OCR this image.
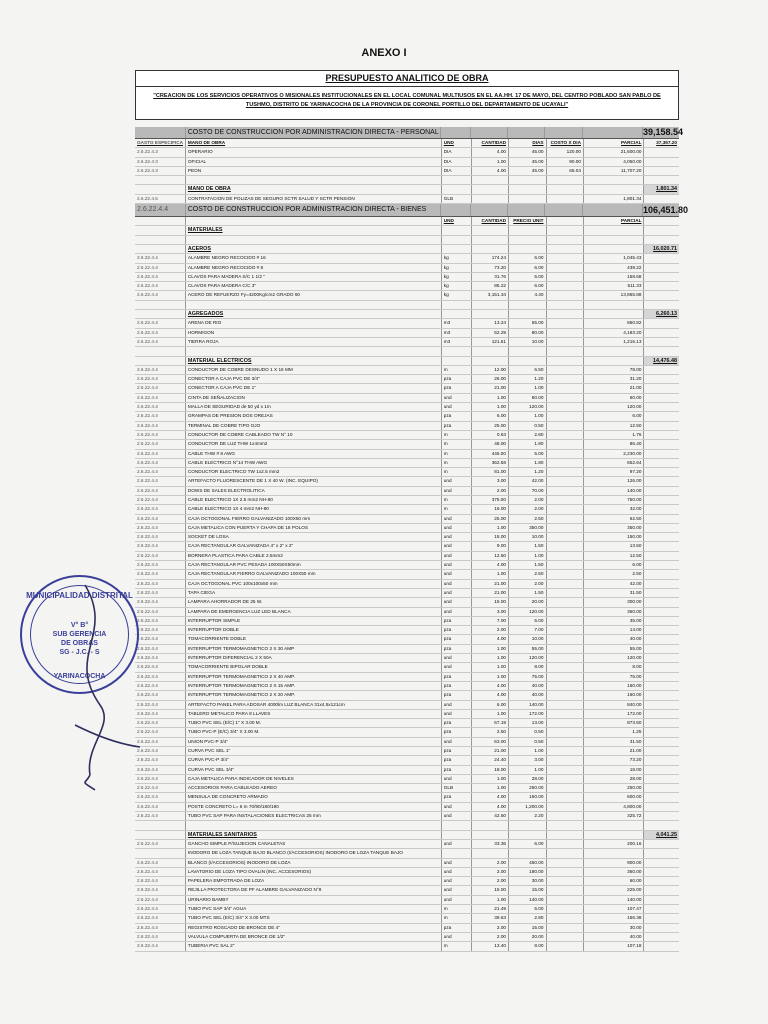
ANEXO I
PRESUPUESTO ANALITICO DE OBRA
"CREACION DE LOS SERVICIOS OPERATIVOS O MISIONALES INSTITUCIONALES EN EL LOCAL COMUNAL MULTIUSOS EN EL AA.HH. 17 DE MAYO, DEL CENTRO POBLADO SAN PABLO DE TUSHMO, DISTRITO DE YARINACOCHA DE LA PROVINCIA DE CORONEL PORTILLO DEL DEPARTAMENTO DE UCAYALI"
COSTO DE CONSTRUCCION POR ADMINISTRACION DIRECTA - PERSONAL	39,158.54
GASTO ESPECIFICA	MANO DE OBRA	UND	CANTIDAD	DIAS	COSTO X DIA	PARCIAL	37,357.20
2.6.22.4.3	OPERARIO	DIA	4.00	45.00	120.00	21,600.00
2.6.22.4.3	OFICIAL	DIA	1.00	45.00	90.00	4,050.00
2.6.22.4.3	PEON	DIA	4.00	45.00	65.04	11,707.20
MANO DE OBRA	1,801.34
2.6.22.4.5	CONTRATACION DE POLIZAS DE SEGURO SCTR SALUD Y SCTR PENSION	GLB	1,801.34
2.6.22.4.4	COSTO DE CONSTRUCCION POR ADMINISTRACION DIRECTA - BIENES	106,451.80
UND	CANTIDAD	PRECIO UNIT	PARCIAL
MATERIALES
ACEROS	16,020.71
2.6.22.4.4	ALAMBRE NEGRO RECOCIDO # 16	kg	174.24	6.00	1,045.43
2.6.22.4.4	ALAMBRE NEGRO RECOCIDO # 8	kg	73.20	6.00	439.22
2.6.22.4.4	CLAVOS PARA MADERA S/C 1 1/2 "	kg	31.76	5.00	158.68
2.6.22.4.4	CLAVOS PARA MADERA C/C 3"	kg	85.22	6.00	511.33
2.6.22.4.4	ACERO DE REFUERZO Fy=4200Kg/cm2 GRADO 60	kg	3,151.34	4.40	13,865.88
AGREGADOS	6,260.13
2.6.22.4.4	ARENA DE RIO	m3	13.24	65.00	860.82
2.6.22.4.4	HORMIGON	m3	52.29	80.00	4,183.20
2.6.22.4.4	TIERRA ROJA	m3	121.61	10.00	1,216.13
MATERIAL ELECTRICOS	14,476.48
2.6.22.4.4	CONDUCTOR DE COBRE DESNUDO 1 X 16 MM	m	12.00	6.50	78.00
2.6.22.4.4	CONECTOR A CAJA PVC DE 3/4"	pza	26.00	1.20	31.20
2.6.22.4.4	CONECTOR A CAJA PVC DE 1"	pza	21.00	1.00	21.00
2.6.22.4.4	CINTA DE SEÑALIZACION	und	1.00	60.00	60.00
2.6.22.4.4	MALLA DE SEGURIDAD de 50 yd x 1m	und	1.00	120.00	120.00
2.6.22.4.4	GRAMPAS DE PRESION DOS OREJAS	pza	6.00	1.00	6.00
2.6.22.4.4	TERMINAL DE COBRE TIPO OJO	pza	25.00	0.50	12.50
2.6.22.4.4	CONDUCTOR DE COBRE CABLEADO TW N° 10	m	0.63	2.80	1.76
2.6.22.4.4	CONDUCTOR DE LUZ THW 1x4mm2	m	48.00	1.80	86.40
2.6.22.4.4	CABLE THW # 8 AWG	m	446.00	5.00	2,230.00
2.6.22.4.4	CABLE ELECTRICO N°14 THW AWG	m	362.58	1.80	652.64
2.6.22.4.4	CONDUCTOR ELECTRICO TW 1x2.5 mm2	m	81.00	1.20	97.20
2.6.22.4.4	ARTEFACTO FLUORESCENTE DE 1 X 40 W. (INC. EQUIPO)	und	3.00	42.00	126.00
2.6.22.4.4	DOWS DE SALES ELECTROLITICA	und	2.00	70.00	140.00
2.6.22.4.4	CABLE ELECTRICO 1X 2.5 mm2 NH-80	m	375.00	2.00	750.00
2.6.22.4.4	CABLE ELECTRICO 1X 4 mm2 NH-80	m	16.00	2.00	32.00
2.6.22.4.4	CAJA OCTOGONAL FIERRO GALVANIZADO 100X50 mm	und	25.00	2.50	62.50
2.6.22.4.4	CAJA METALICA CON PUERTA Y CHAPA DE 18 POLOS	und	1.00	350.00	350.00
2.6.22.4.4	SOCKET DE LOSA	und	15.00	10.00	150.00
2.6.22.4.4	CAJA RECTANGULAR GALVANIZADA 4" x 2" x 2"	und	9.00	1.50	13.50
2.6.22.4.4	BORNERA PLASTICA PARA CABLE 2.5mm2	und	12.50	1.00	12.50
2.6.22.4.4	CAJA RECTANGULAR PVC PESADA 100X50X50mm	und	4.00	1.50	6.00
2.6.22.4.4	CAJA RECTANGULAR FIERRO GALVANIZADO 100X50 mm	und	1.00	2.50	2.50
2.6.22.4.4	CAJA OCTOGONAL PVC 100x100x50 mm	und	21.00	2.00	42.00
2.6.22.4.4	TAPA CIEGA	und	21.00	1.50	31.50
2.6.22.4.4	LAMPARA AHORRADOR DE 25 W.	und	15.00	20.00	300.00
2.6.22.4.4	LAMPARA DE EMERGENCIA LUZ LED BLANCA	und	3.00	120.00	360.00
2.6.22.4.4	INTERRUPTOR SIMPLE	pza	7.00	5.00	35.00
2.6.22.4.4	INTERRUPTOR DOBLE	pza	2.00	7.00	14.00
2.6.22.4.4	TOMACORRIENTE DOBLE	pza	4.00	10.00	40.00
2.6.22.4.4	INTERRUPTOR TERMOMAGNETICO 2 X 30 AMP	pza	1.00	55.00	55.00
2.6.22.4.4	INTERRUPTOR DIFERENCIAL 2 X 50A	und	1.00	120.00	120.00
2.6.22.4.4	TOMACORRIENTE BIPOLAR DOBLE	und	1.00	8.00	8.00
2.6.22.4.4	INTERRUPTOR TERMOMAGNETICO 2 X 40 AMP.	pza	1.00	75.00	75.00
2.6.22.4.4	INTERRUPTOR TERMOMAGNETICO 2 X 15 AMP.	pza	4.00	40.00	160.00
2.6.22.4.4	INTERRUPTOR TERMOMAGNETICO 2 X 20 AMP.	pza	4.00	40.00	160.00
2.6.22.4.4	ARTEFACTO PANEL PARA ADOSAR 4000lm LUZ BLANCA 31x4.5x121cm	und	6.00	140.00	840.00
2.6.22.4.4	TABLERO METALICO PARA 8 LLAVES	und	1.00	172.00	172.00
2.6.22.4.4	TUBO PVC SEL (E/C) 1" X 3.00 M.	pza	67.19	13.00	873.60
2.6.22.4.4	TUBO PVC-P (E/C) 3/4" X 3.00 M.	pza	2.50	0.50	1.25
2.6.22.4.4	UNION PVC-P 3/4"	und	63.00	0.50	31.50
2.6.22.4.4	CURVA PVC SEL 1"	pza	21.00	1.00	21.00
2.6.22.4.4	CURVA PVC-P 3/4"	pza	24.40	3.00	73.20
2.6.22.4.4	CURVA PVC SEL 3/4"	pza	18.00	1.00	18.00
2.6.22.4.4	CAJA METALICA PARA INDICADOR DE NIVELES	und	1.00	28.00	28.00
2.6.22.4.4	ACCESORIOS PARA CABLEADO AEREO	GLB	1.00	250.00	250.00
2.6.22.4.4	MENSULA DE CONCRETO ARMADO	pza	4.00	150.00	600.00
2.6.22.4.4	POSTE CONCRETO L= 6 m 70/90/180/190	und	4.00	1,200.00	4,800.00
2.6.22.4.4	TUBO PVC SAP PARA INSTALACIONES ELECTRICAS 25 mm	und	42.50	2.20	325.72
MATERIALES SANITARIOS	4,041.25
2.6.22.4.4	GANCHO SIMPLE P/SUJECION CANALETAS	und	33.36	6.00	200.16
INODORO DE LOZA TANQUE BAJO BLANCO (I/ACCESORIOS) INODORO DE LOZA TANQUE BAJO
2.6.22.4.4	BLANCO (I/ACCESORIOS) INODORO DE LOZA	und	2.00	450.00	900.00
2.6.22.4.4	LAVATORIO DE LOZA TIPO OVALIN (INC. ACCESORIOS)	und	2.00	180.00	360.00
2.6.22.4.4	PAPELERA EMPOTRADA DE LOZA	und	2.00	30.00	60.00
2.6.22.4.4	REJILLA PROTECTORA DE PF ALAMBRE GALVANIZADO N°8	und	15.00	15.00	225.00
2.6.22.4.4	URINARIO BAMBY	und	1.00	140.00	140.00
2.6.22.4.4	TUBO PVC SAP 3/4" AGUA	m	21.49	5.00	107.47
2.6.22.4.4	TUBO PVC SEL (E/C) 3/4" X 3.00 MTS	m	39.63	2.80	156.38
2.6.22.4.4	REGISTRO ROSCADO DE BRONCE DE 4"	pza	2.00	15.00	30.00
2.6.22.4.4	VALVULA COMPUERTA DE BRONCE DE 1/2"	und	2.00	20.00	40.00
2.6.22.4.4	TUBERIA PVC SAL 2"	m	13.40	8.00	107.18
MUNICIPALIDAD DISTRITAL
V° B°
SUB GERENCIA
DE OBRAS
SG - J.C. - S
YARINACOCHA
